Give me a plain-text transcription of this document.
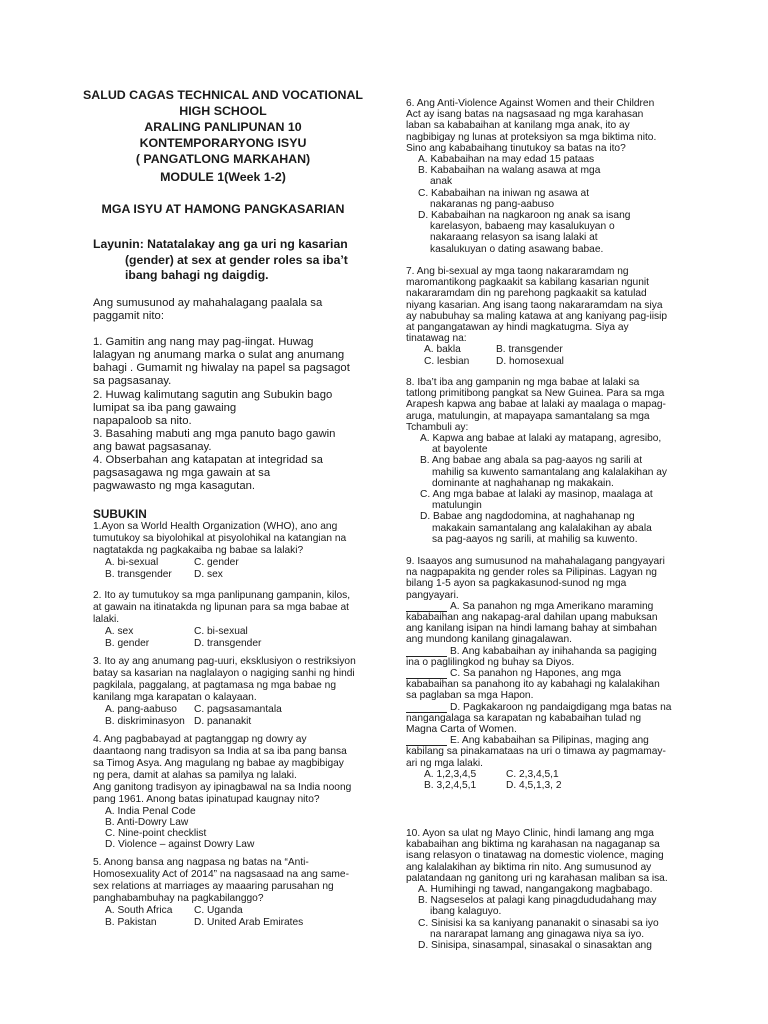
SALUD CAGAS TECHNICAL AND VOCATIONAL
HIGH SCHOOL
ARALING PANLIPUNAN 10
KONTEMPORARYONG ISYU
( PANGATLONG MARKAHAN)
MODULE 1(Week 1-2)
MGA ISYU AT HAMONG PANGKASARIAN
Layunin: Natatalakay ang ga uri ng kasarian
(gender) at sex at gender roles sa iba’t
ibang bahagi ng daigdig.
Ang sumusunod ay mahahalagang paalala sa
paggamit nito:
1. Gamitin ang nang may pag-iingat. Huwag
lalagyan ng anumang marka o sulat ang anumang
bahagi . Gumamit ng hiwalay na papel sa pagsagot
sa pagsasanay.
2. Huwag kalimutang sagutin ang Subukin bago
lumipat sa iba pang gawaing
napapaloob sa nito.
3. Basahing mabuti ang mga panuto bago gawin
ang bawat pagsasanay.
4. Obserbahan ang katapatan at integridad sa
pagsasagawa ng mga gawain at sa
pagwawasto ng mga kasagutan.
SUBUKIN
1.Ayon sa World Health Organization (WHO), ano ang
tumutukoy sa biyolohikal at pisyolohikal na katangian na
nagtatakda ng pagkakaiba ng babae sa lalaki?
A. bi-sexual	C. gender
B. transgender D. sex
2. Ito ay tumutukoy sa mga panlipunang gampanin, kilos,
at gawain na itinatakda ng lipunan para sa mga babae at
lalaki.
A. sex	C. bi-sexual
B. gender	D. transgender
3. Ito ay ang anumang pag-uuri, eksklusiyon o restriksiyon
batay sa kasarian na naglalayon o nagiging sanhi ng hindi
pagkilala, paggalang, at pagtamasa ng mga babae ng
kanilang mga karapatan o kalayaan.
A. pang-aabuso C. pagsasamantala
B. diskriminasyon D. pananakit
4. Ang pagbabayad at pagtanggap ng dowry ay
daantaong nang tradisyon sa India at sa iba pang bansa
sa Timog Asya. Ang magulang ng babae ay magbibigay
ng pera, damit at alahas sa pamilya ng lalaki.
Ang ganitong tradisyon ay ipinagbawal na sa India noong
pang 1961. Anong batas ipinatupad kaugnay nito?
A. India Penal Code
B. Anti-Dowry Law
C. Nine-point checklist
D. Violence – against Dowry Law
5. Anong bansa ang nagpasa ng batas na “Anti-
Homosexuality Act of 2014” na nagsasaad na ang same-
sex relations at marriages ay maaaring parusahan ng
panghabambuhay na pagkabilanggo?
A. South Africa C. Uganda
B. Pakistan	D. United Arab Emirates
6. Ang Anti-Violence Against Women and their Children
Act ay isang batas na nagsasaad ng mga karahasan
laban sa kababaihan at kanilang mga anak, ito ay
nagbibigay ng lunas at proteksiyon sa mga biktima nito.
Sino ang kababaihang tinutukoy sa batas na ito?
A. Kababaihan na may edad 15 pataas
B. Kababaihan na walang asawa at mga
anak
C. Kababaihan na iniwan ng asawa at
nakaranas ng pang-aabuso
D. Kababaihan na nagkaroon ng anak sa isang
karelasyon, babaeng may kasalukuyan o
nakaraang relasyon sa isang lalaki at
kasalukuyan o dating asawang babae.
7. Ang bi-sexual ay mga taong nakararamdam ng
maromantikong pagkaakit sa kabilang kasarian ngunit
nakararamdam din ng parehong pagkaakit sa katulad
niyang kasarian. Ang isang taong nakararamdam na siya
ay nabubuhay sa maling katawa at ang kaniyang pag-iisip
at pangangatawan ay hindi magkatugma. Siya ay
tinatawag na:
A. bakla	B. transgender
C. lesbian	D. homosexual
8. Iba’t iba ang gampanin ng mga babae at lalaki sa
tatlong primitibong pangkat sa New Guinea. Para sa mga
Arapesh kapwa ang babae at lalaki ay maalaga o mapag-
aruga, matulungin, at mapayapa samantalang sa mga
Tchambuli ay:
A. Kapwa ang babae at lalaki ay matapang, agresibo,
at bayolente
B. Ang babae ang abala sa pag-aayos ng sarili at
mahilig sa kuwento samantalang ang kalalakihan ay
dominante at naghahanap ng makakain.
C. Ang mga babae at lalaki ay masinop, maalaga at
matulungin
D. Babae ang nagdodomina, at naghahanap ng
makakain samantalang ang kalalakihan ay abala
sa pag-aayos ng sarili, at mahilig sa kuwento.
9. Isaayos ang sumusunod na mahahalagang pangyayari
na nagpapakita ng gender roles sa Pilipinas. Lagyan ng
bilang 1-5 ayon sa pagkakasunod-sunod ng mga
pangyayari.
A. Sa panahon ng mga Amerikano maraming
kababaihan ang nakapag-aral dahilan upang mabuksan
ang kanilang isipan na hindi lamang bahay at simbahan
ang mundong kanilang ginagalawan.
B. Ang kababaihan ay inihahanda sa pagiging
ina o paglilingkod ng buhay sa Diyos.
C. Sa panahon ng Hapones, ang mga
kababaihan sa panahong ito ay kabahagi ng kalalakihan
sa paglaban sa mga Hapon.
D. Pagkakaroon ng pandaigdigang mga batas na
nangangalaga sa karapatan ng kababaihan tulad ng
Magna Carta of Women.
E. Ang kababaihan sa Pilipinas, maging ang
kabilang sa pinakamataas na uri o timawa ay pagmamay-
ari ng mga lalaki.
A. 1,2,3,4,5	C. 2,3,4,5,1
B. 3,2,4,5,1	D. 4,5,1,3, 2
10. Ayon sa ulat ng Mayo Clinic, hindi lamang ang mga
kababaihan ang biktima ng karahasan na nagaganap sa
isang relasyon o tinatawag na domestic violence, maging
ang kalalakihan ay biktima rin nito. Ang sumusunod ay
palatandaan ng ganitong uri ng karahasan maliban sa isa.
A. Humihingi ng tawad, nangangakong magbabago.
B. Nagseselos at palagi kang pinagdududahang may
ibang kalaguyo.
C. Sinisisi ka sa kaniyang pananakit o sinasabi sa iyo
na nararapat lamang ang ginagawa niya sa iyo.
D. Sinisipa, sinasampal, sinasakal o sinasaktan ang
